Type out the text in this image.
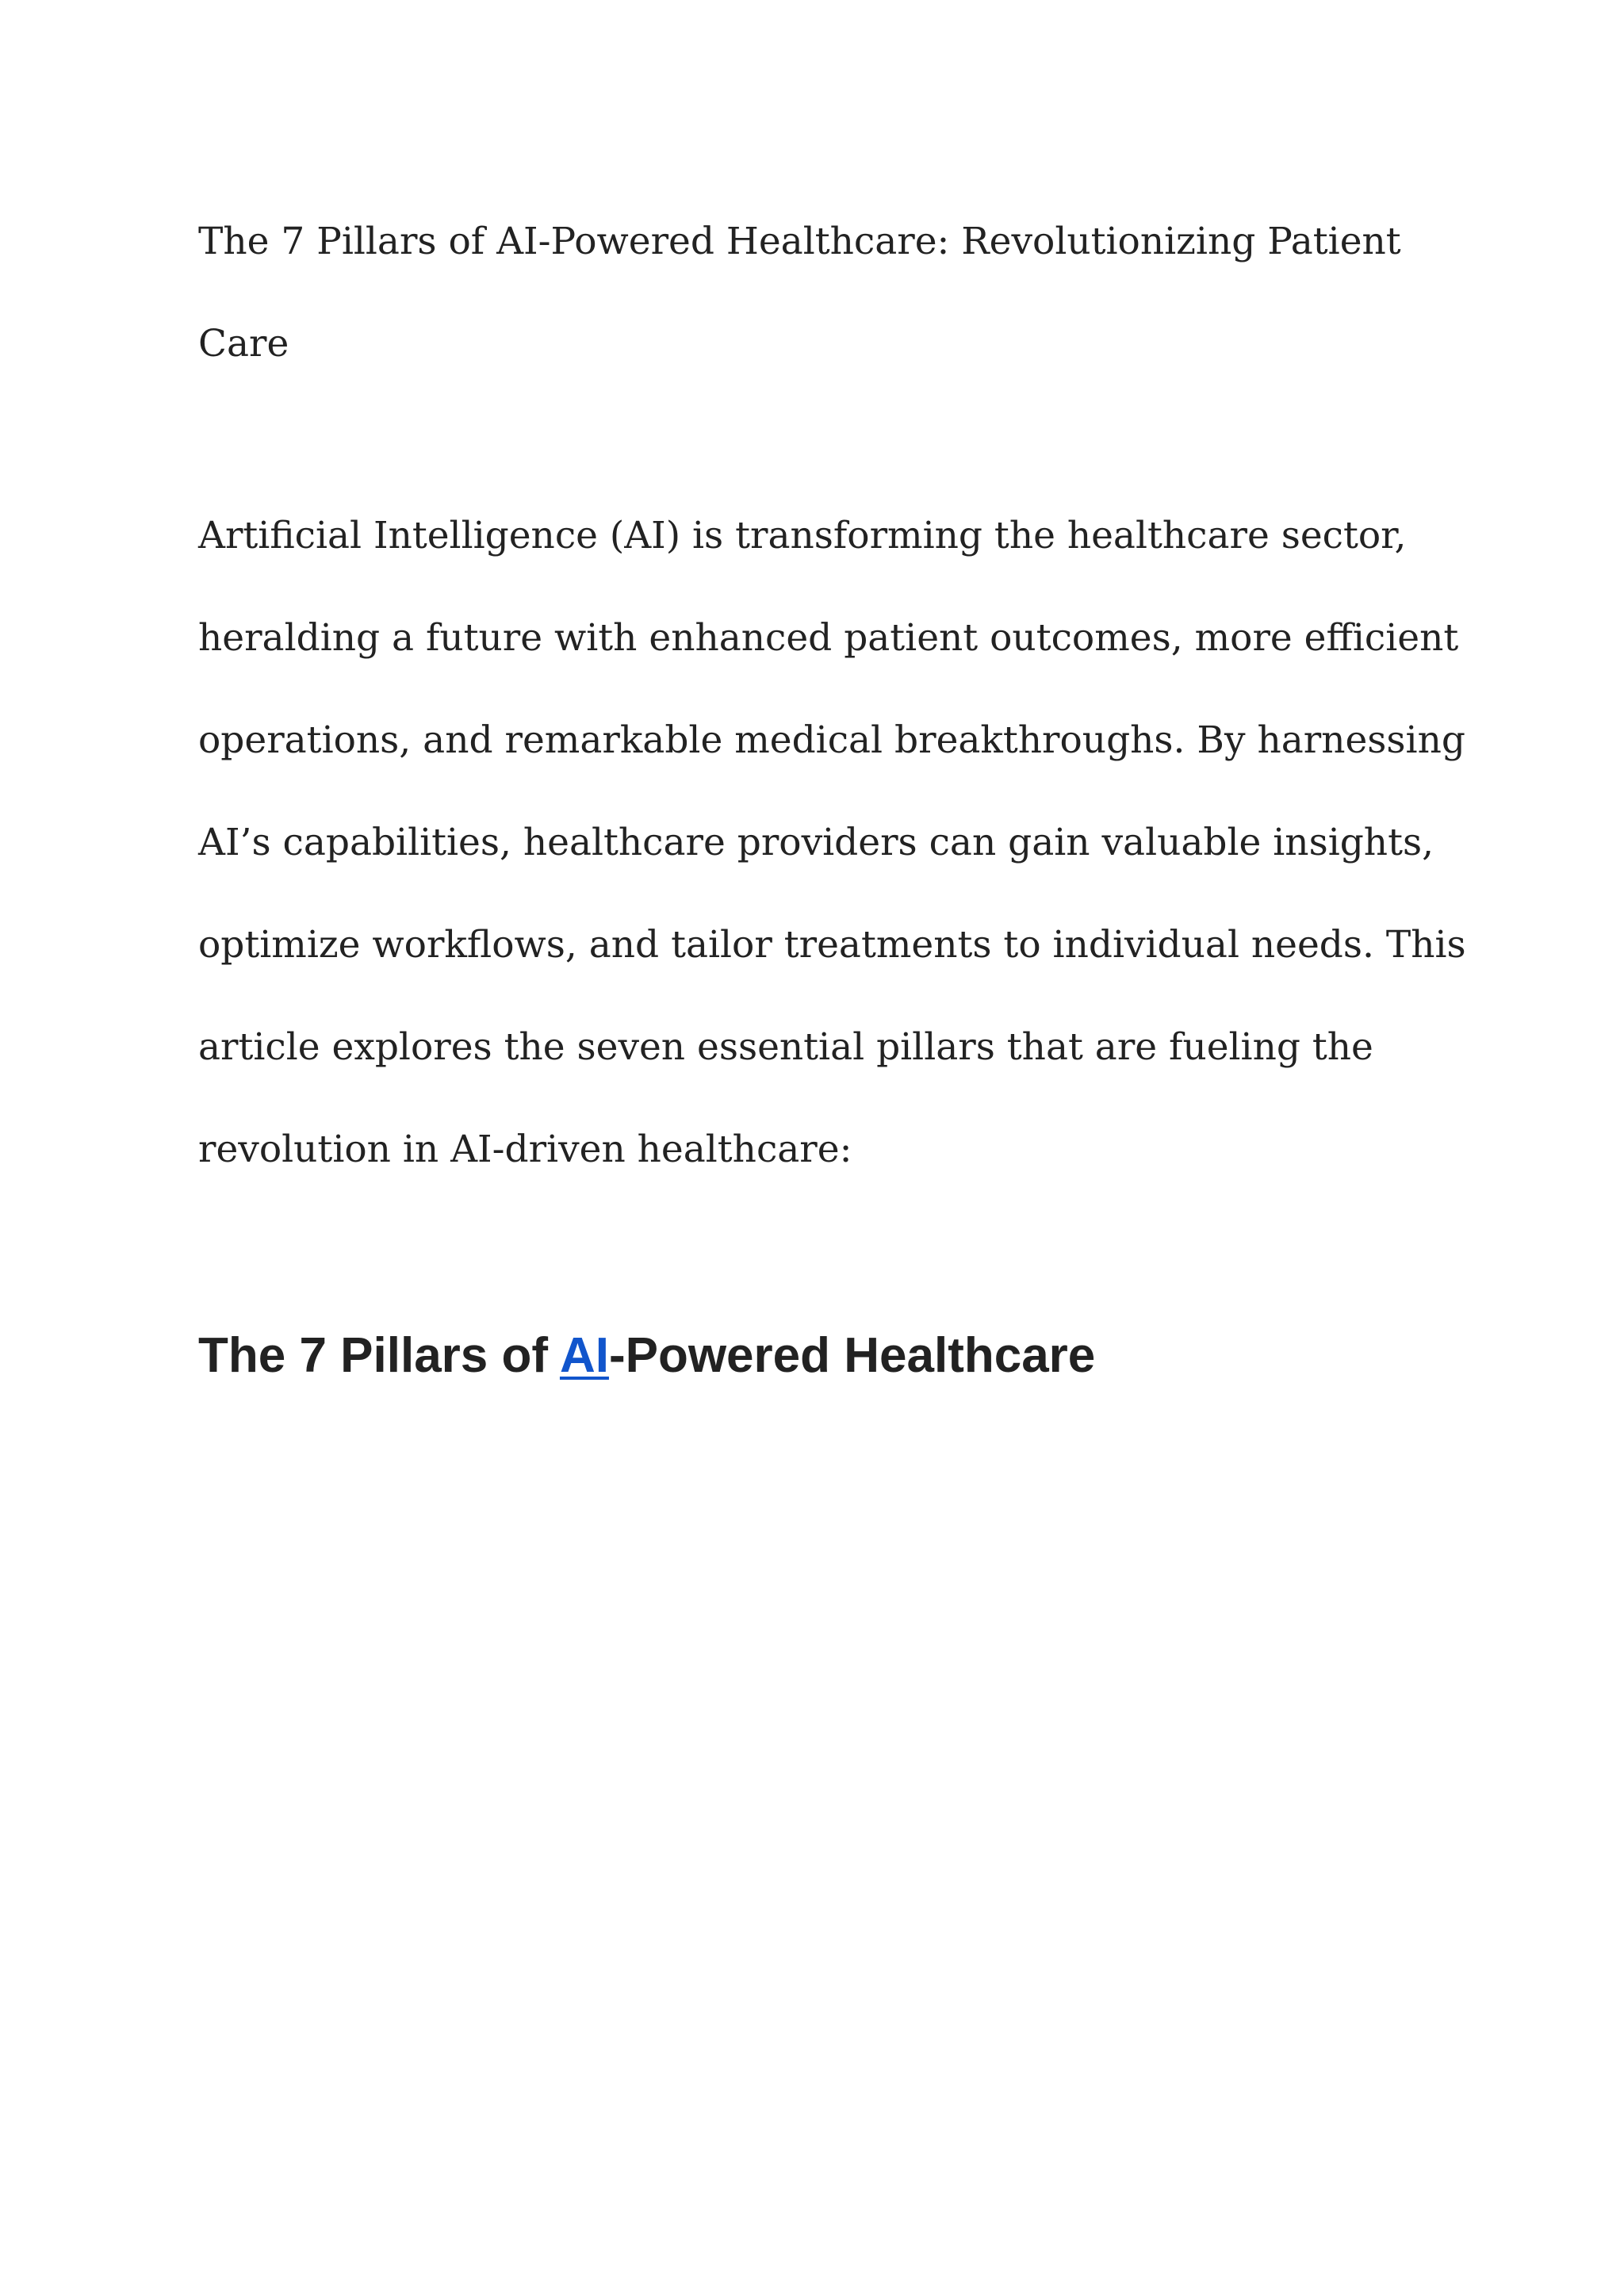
The 7 Pillars of AI-Powered Healthcare: Revolutionizing Patient
Care

Artificial Intelligence (AI) is transforming the healthcare sector,
heralding a future with enhanced patient outcomes, more efficient
operations, and remarkable medical breakthroughs. By harnessing
AI’s capabilities, healthcare providers can gain valuable insights,
optimize workflows, and tailor treatments to individual needs. This
article explores the seven essential pillars that are fueling the
revolution in AI-driven healthcare:

The 7 Pillars of AI-Powered Healthcare
